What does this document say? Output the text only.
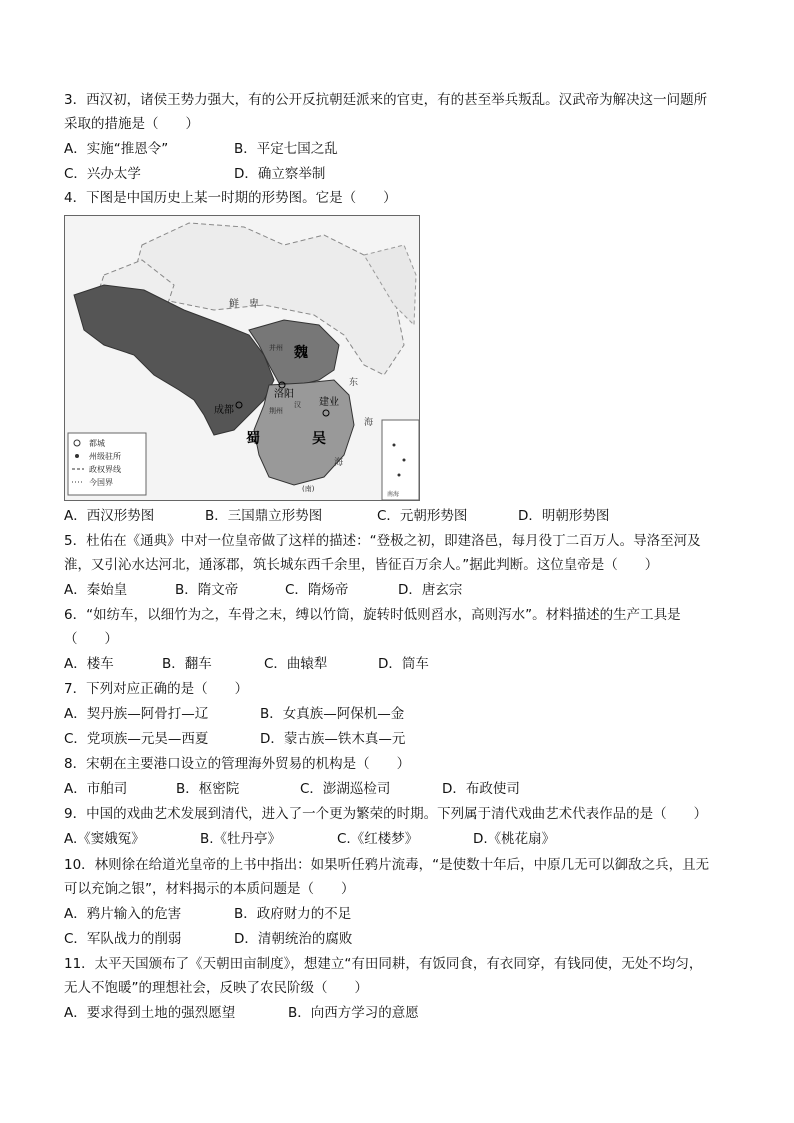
3．西汉初，诸侯王势力强大，有的公开反抗朝廷派来的官吏，有的甚至举兵叛乱。汉武帝为解决这一问题所
采取的措施是（　　）
A．实施“推恩令”	B．平定七国之乱
C．兴办太学	D．确立察举制
4．下图是中国历史上某一时期的形势图。它是（　　）
都城
州级驻所
政权界线
今国界
鲜　卑
魏
洛阳
建业
成都
蜀	吴
东
海
海
并州
荆州
汉
(南)
南海
A．西汉形势图	B．三国鼎立形势图	C．元朝形势图	D．明朝形势图
5．杜佑在《通典》中对一位皇帝做了这样的描述：“登极之初，即建洛邑，每月役丁二百万人。导洛至河及
淮，又引沁水达河北，通涿郡，筑长城东西千余里，皆征百万余人。”据此判断。这位皇帝是（　　）
A．秦始皇	B．隋文帝	C．隋炀帝	D．唐玄宗
6．“如纺车，以细竹为之，车骨之末，缚以竹筒，旋转时低则舀水，高则泻水”。材料描述的生产工具是
（　　）
A．楼车	B．翻车	C．曲辕犁	D．筒车
7．下列对应正确的是（　　）
A．契丹族—阿骨打—辽	B．女真族—阿保机—金
C．党项族—元昊—西夏	D．蒙古族—铁木真—元
8．宋朝在主要港口设立的管理海外贸易的机构是（　　）
A．市舶司	B．枢密院	C．澎湖巡检司	D．布政使司
9．中国的戏曲艺术发展到清代，进入了一个更为繁荣的时期。下列属于清代戏曲艺术代表作品的是（　　）
A.《窦娥冤》	B.《牡丹亭》	C.《红楼梦》	D.《桃花扇》
10．林则徐在给道光皇帝的上书中指出：如果听任鸦片流毒，“是使数十年后，中原几无可以御敌之兵，且无
可以充饷之银”，材料揭示的本质问题是（　　）
A．鸦片输入的危害	B．政府财力的不足
C．军队战力的削弱	D．清朝统治的腐败
11．太平天国颁布了《天朝田亩制度》，想建立“有田同耕，有饭同食，有衣同穿，有钱同使，无处不均匀，
无人不饱暖”的理想社会，反映了农民阶级（　　）
A．要求得到土地的强烈愿望	B．向西方学习的意愿
